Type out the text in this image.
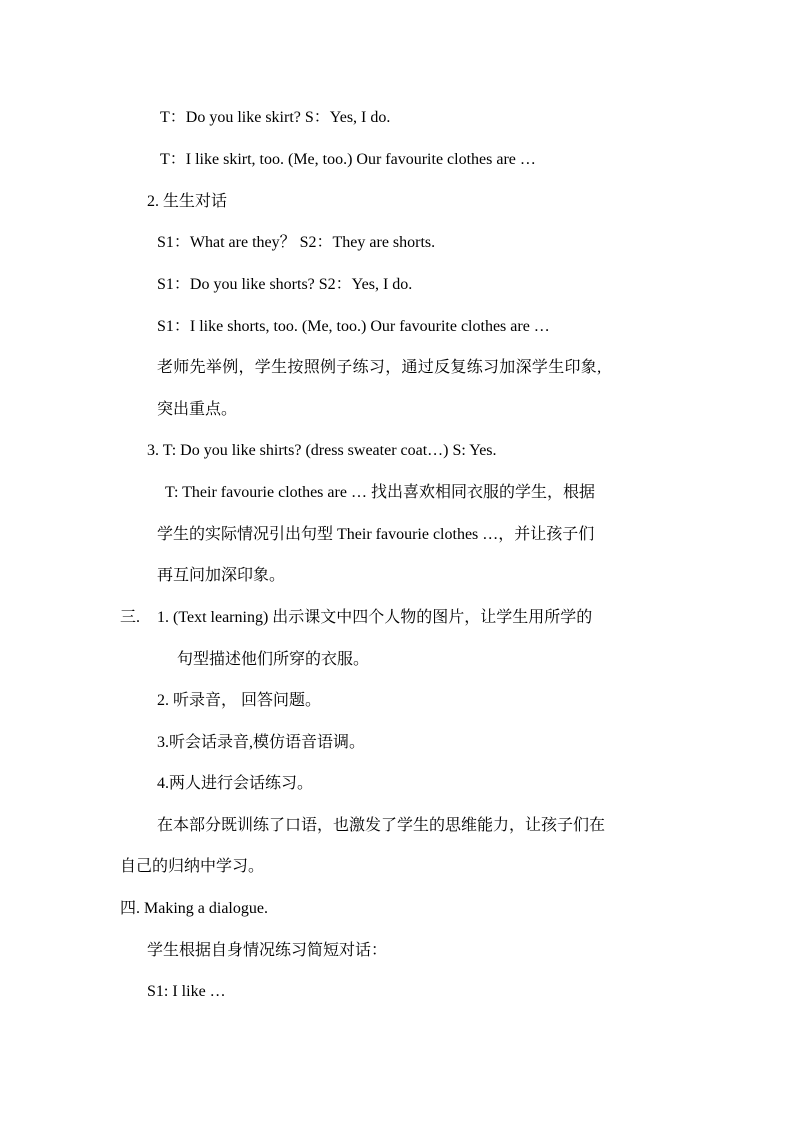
T：Do you like skirt? S：Yes, I do.
T：I like skirt, too. (Me, too.) Our favourite clothes are …
2. 生生对话
S1：What are they？ S2：They are shorts.
S1：Do you like shorts? S2：Yes, I do.
S1：I like shorts, too. (Me, too.) Our favourite clothes are …
老师先举例，学生按照例子练习，通过反复练习加深学生印象,
突出重点。
3. T: Do you like shirts? (dress sweater coat…) S: Yes.
T: Their favourie clothes are … 找出喜欢相同衣服的学生，根据
学生的实际情况引出句型 Their favourie clothes …，并让孩子们
再互问加深印象。
三. 1. (Text learning) 出示课文中四个人物的图片，让学生用所学的
句型描述他们所穿的衣服。
2. 听录音， 回答问题。
3.听会话录音,模仿语音语调。
4.两人进行会话练习。
在本部分既训练了口语，也激发了学生的思维能力，让孩子们在
自己的归纳中学习。
四. Making a dialogue.
学生根据自身情况练习简短对话：
S1: I like …
